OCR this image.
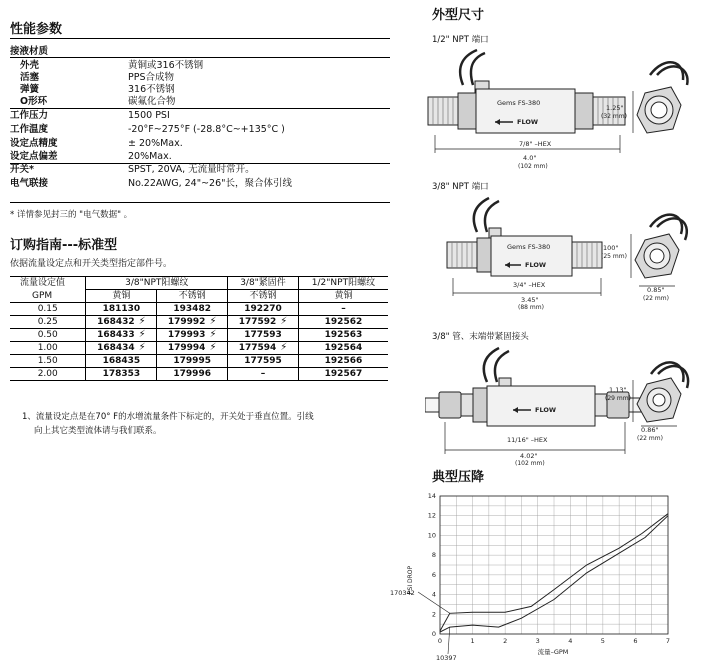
性能参数
接液材质
外壳	黄铜或316不锈钢
活塞	PPS合成物
弹簧	316不锈钢
O形环	碳氟化合物
工作压力	1500 PSI
工作温度	-20°F~275°F (-28.8°C~+135°C )
设定点精度	± 20%Max.
设定点偏差	20%Max.
开关*	SPST, 20VA, 无流量时常开。
电气联接	No.22AWG, 24"~26"长，聚合体引线
* 详情参见封三的 "电气数据" 。
订购指南---标准型
依据流量设定点和开关类型指定部件号。
流量设定值	3/8"NPT阳螺纹		3/8"紧固件	1/2"NPT阳螺纹
GPM	黄铜	不锈钢	不锈钢	黄铜
0.15	181130	193482	192270	–
0.25	168432 ⚡	179992 ⚡	177592 ⚡	192562
0.50	168433 ⚡	179993 ⚡	177593	192563
1.00	168434 ⚡	179994 ⚡	177594 ⚡	192564
1.50	168435	179995	177595	192566
2.00	178353	179996	–	192567
1、流量设定点是在70° F的水增流量条件下标定的，开关处于垂直位置。引线
向上其它类型流体请与我们联系。
外型尺寸
1/2" NPT 端口
Gems FS-380
FLOW
7/8" –HEX
4.0"
(102 mm)
1.25"
(32 mm)
3/8" NPT 端口
Gems FS-380
FLOW
3/4" –HEX
3.45"
(88 mm)
100"
(25 mm)
0.85"
(22 mm)
3/8" 管、末端带紧固接头
FLOW
11/16" –HEX
4.02"
(102 mm)
1.13"
(29 mm)
0.86"
(22 mm)
典型压降
0	1	2	3	4	5	6	7
0
2
4
6
8
10
12
14
PSI DROP
流量–GPM
170342
10397
